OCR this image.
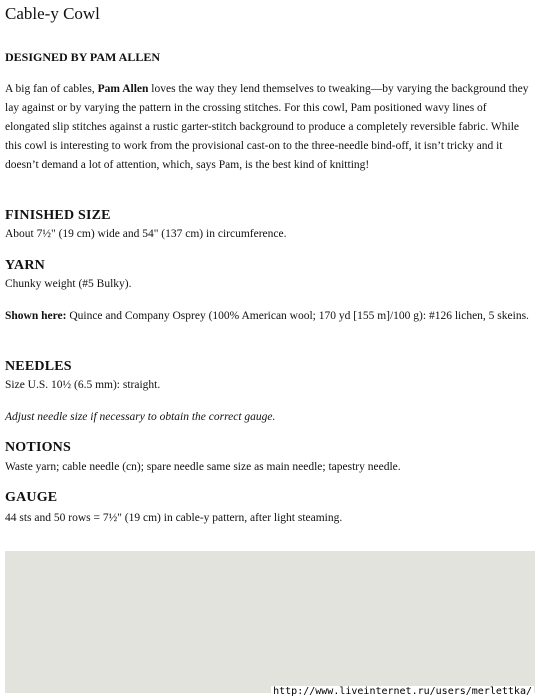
Cable-y Cowl

DESIGNED BY PAM ALLEN

A big fan of cables, Pam Allen loves the way they lend themselves to tweaking—by varying the background they lay against or by varying the pattern in the crossing stitches. For this cowl, Pam positioned wavy lines of elongated slip stitches against a rustic garter-stitch background to produce a completely reversible fabric. While this cowl is interesting to work from the provisional cast-on to the three-needle bind-off, it isn’t tricky and it doesn’t demand a lot of attention, which, says Pam, is the best kind of knitting!

FINISHED SIZE

About 7½" (19 cm) wide and 54" (137 cm) in circumference.

YARN

Chunky weight (#5 Bulky).

Shown here: Quince and Company Osprey (100% American wool; 170 yd [155 m]/100 g): #126 lichen, 5 skeins.

NEEDLES

Size U.S. 10½ (6.5 mm): straight.

Adjust needle size if necessary to obtain the correct gauge.

NOTIONS

Waste yarn; cable needle (cn); spare needle same size as main needle; tapestry needle.

GAUGE

44 sts and 50 rows = 7½" (19 cm) in cable-y pattern, after light steaming.

http://www.liveinternet.ru/users/merlettka/
